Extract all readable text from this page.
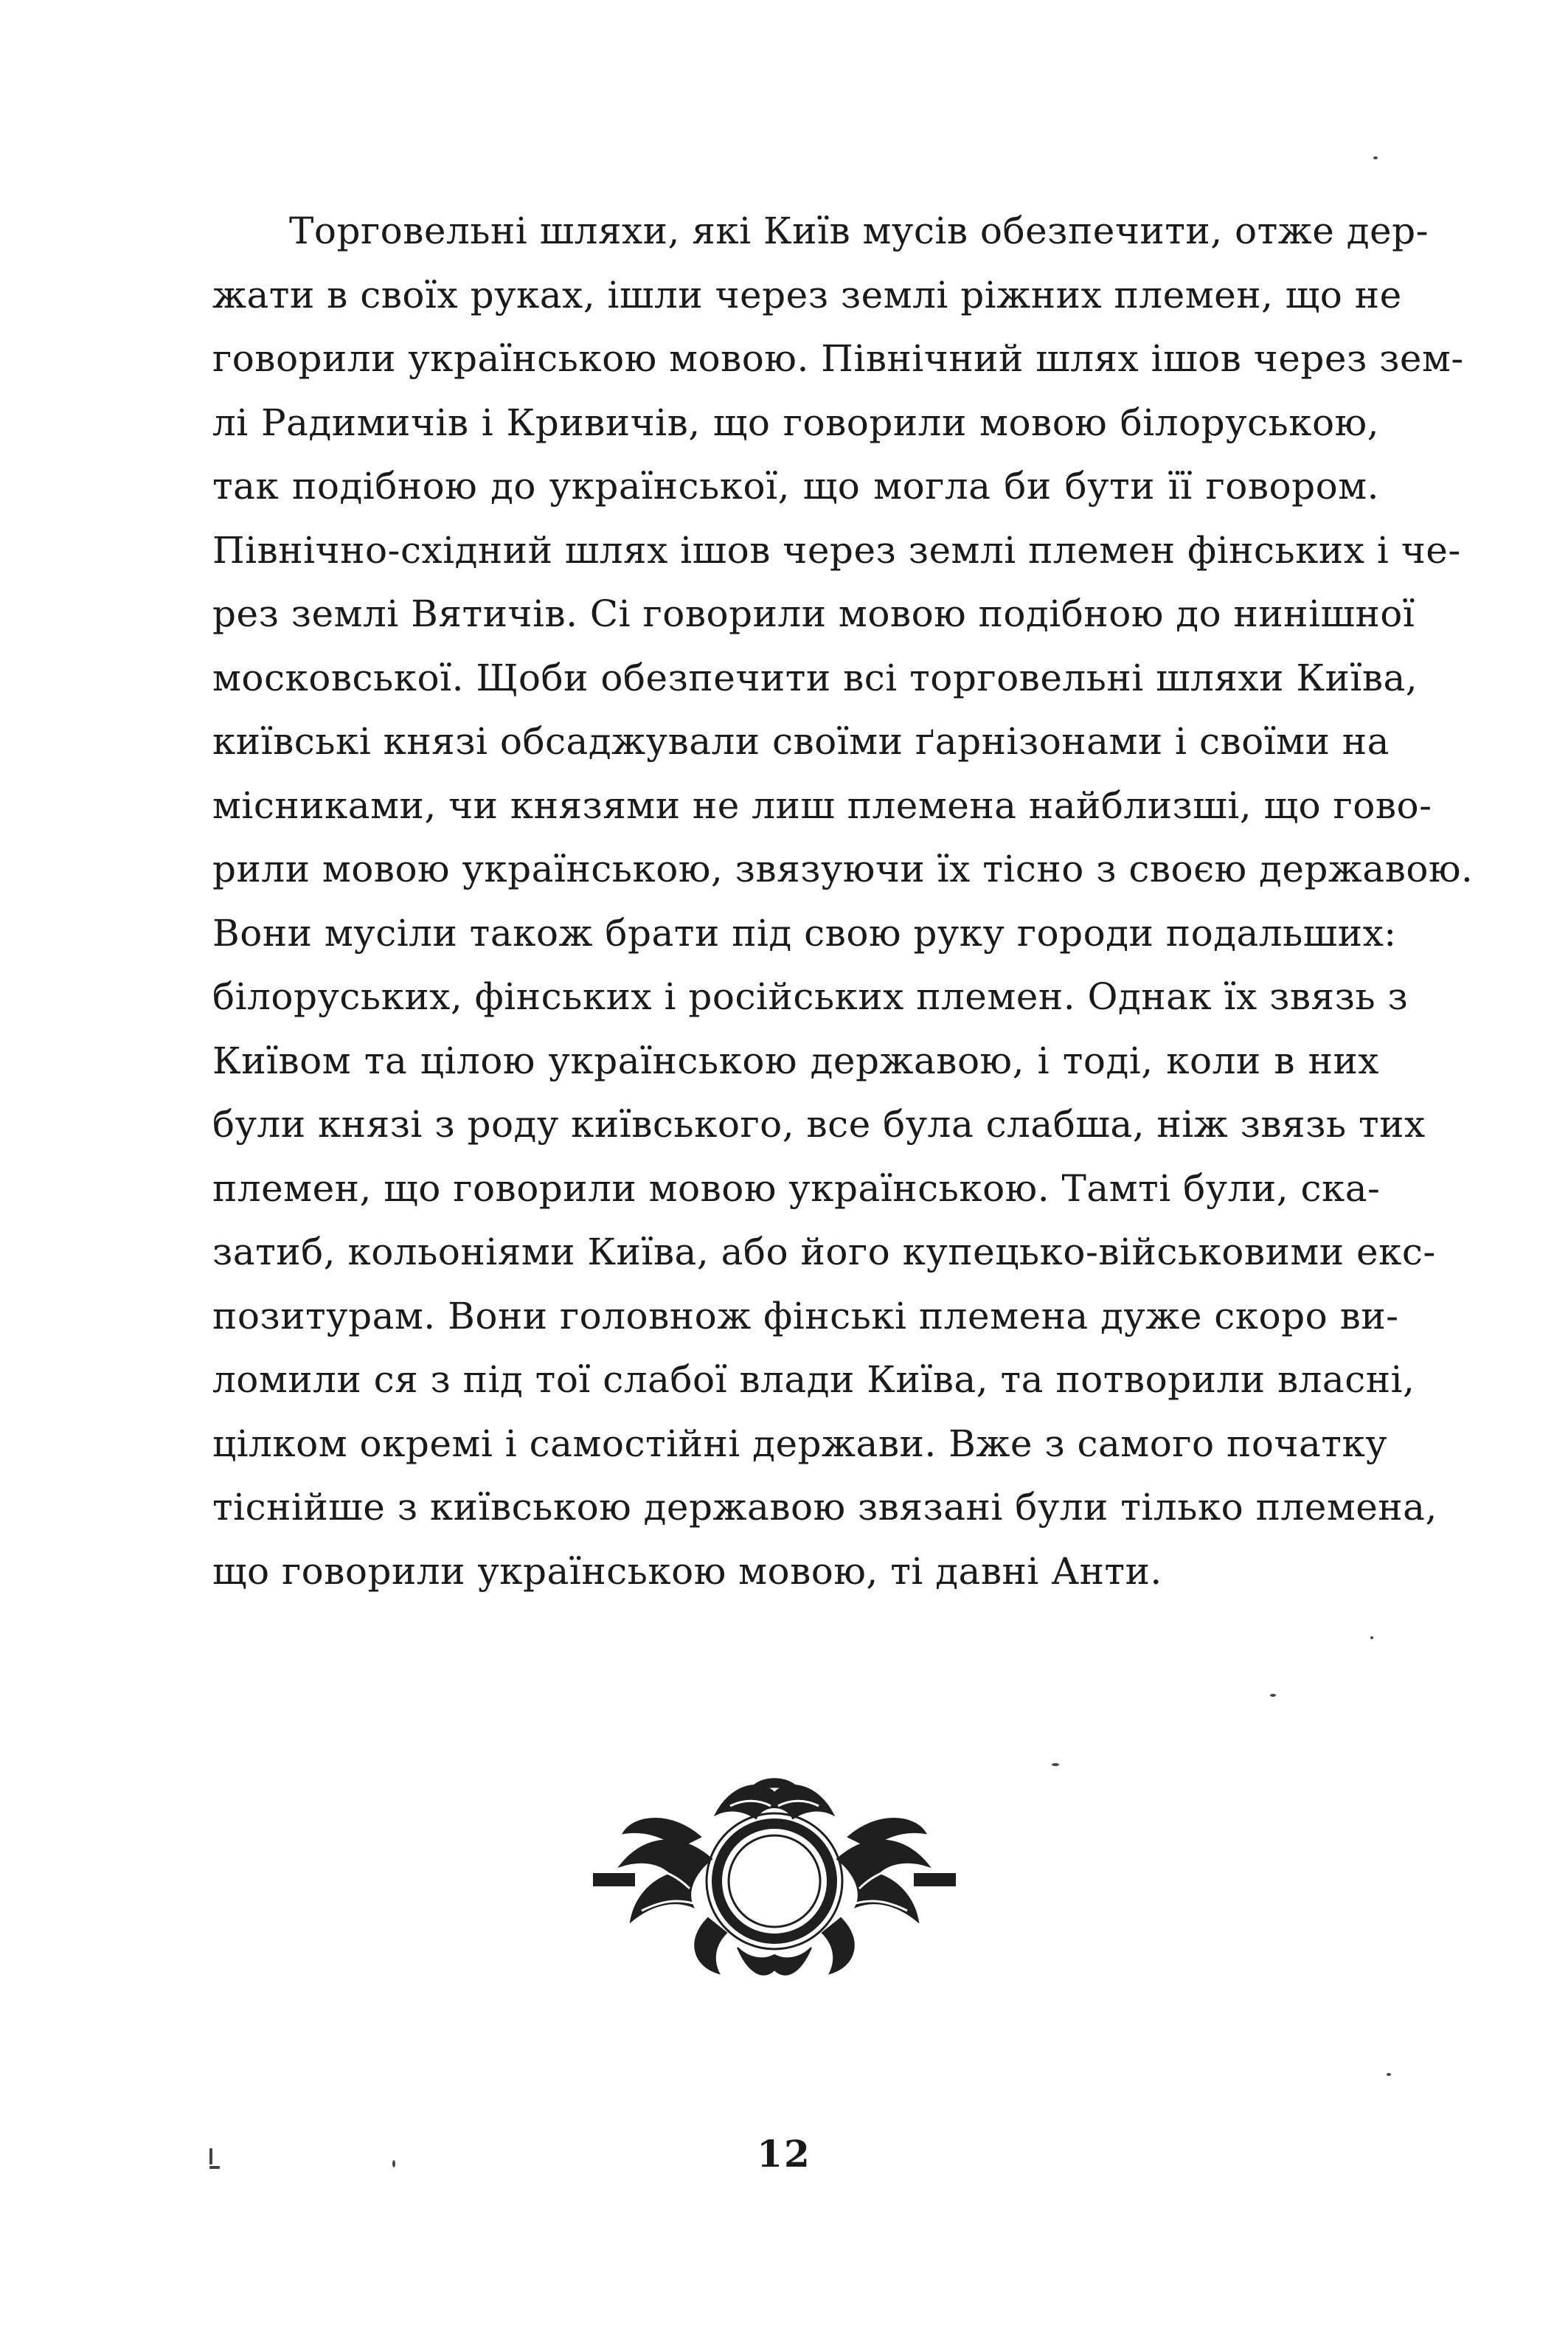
Торговельні шляхи, які Київ мусів обезпечити, отже дер-
жати в своїх руках, ішли через землі ріжних племен, що не
говорили українською мовою. Північний шлях ішов через зем-
лі Радимичів і Кривичів, що говорили мовою білоруською,
так подібною до української, що могла би бути її говором.
Північно-східний шлях ішов через землі племен фінських і че-
рез землі Вятичів. Сі говорили мовою подібною до нинішної
московської. Щоби обезпечити всі торговельні шляхи Київа,
київські князі обсаджували своїми ґарнізонами і своїми на
місниками, чи князями не лиш племена найблизші, що гово-
рили мовою українською, звязуючи їх тісно з своєю державою.
Вони мусіли також брати під свою руку городи подальших:
білоруських, фінських і російських племен. Однак їх звязь з
Київом та цілою українською державою, і тоді, коли в них
були князі з роду київського, все була слабша, ніж звязь тих
племен, що говорили мовою українською. Тамті були, ска-
затиб, кольоніями Київа, або його купецько-військовими екс-
позитурам. Вони головнож фінські племена дуже скоро ви-
ломили ся з під тої слабої влади Київа, та потворили власні,
цілком окремі і самостійні держави. Вже з самого початку
тіснійше з київською державою звязані були тілько племена,
що говорили українською мовою, ті давні Анти.
12
